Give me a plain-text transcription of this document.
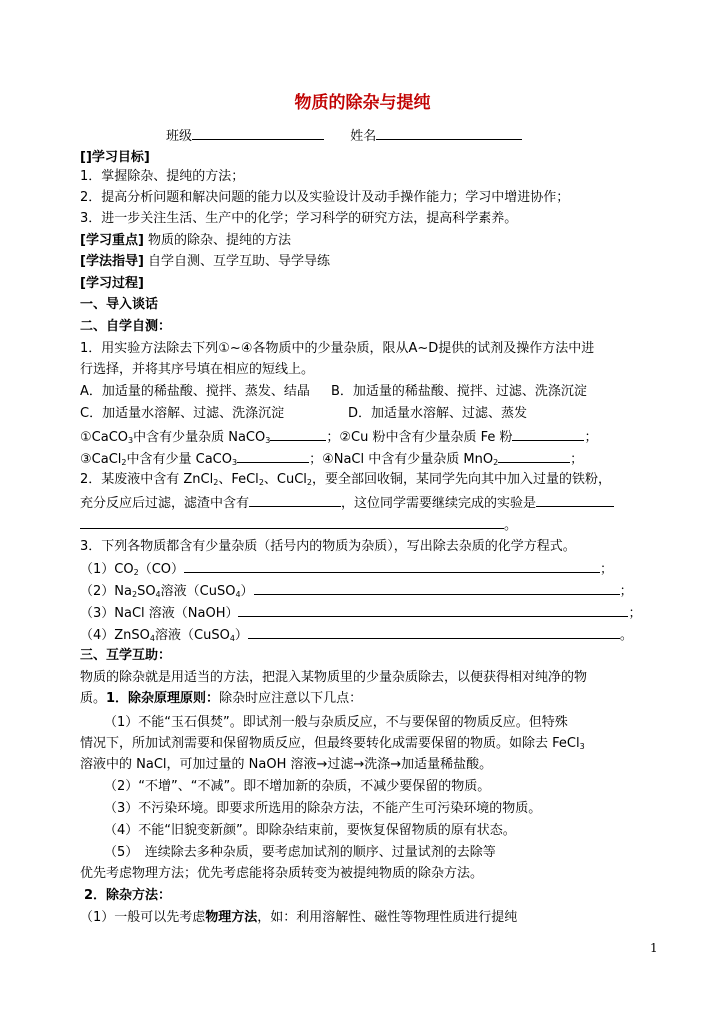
物质的除杂与提纯
班级	姓名
[]学习目标]
1．掌握除杂、提纯的方法；
2．提高分析问题和解决问题的能力以及实验设计及动手操作能力；学习中增进协作；
3．进一步关注生活、生产中的化学；学习科学的研究方法，提高科学素养。
[学习重点] 物质的除杂、提纯的方法
[学法指导] 自学自测、互学互助、导学导练
[学习过程]
一、导入谈话
二、自学自测：
1．用实验方法除去下列①~④各物质中的少量杂质，限从A~D提供的试剂及操作方法中进
行选择，并将其序号填在相应的短线上。
A．加适量的稀盐酸、搅拌、蒸发、结晶 B．加适量的稀盐酸、搅拌、过滤、洗涤沉淀
C．加适量水溶解、过滤、洗涤沉淀	D．加适量水溶解、过滤、蒸发
①CaCO$_3$中含有少量杂质 NaCO$_3$	；②Cu 粉中含有少量杂质 Fe 粉	；
③CaCl$_2$中含有少量 CaCO$_3$	；④NaCl 中含有少量杂质 MnO$_2$	；
2．某废液中含有 ZnCl$_2$、FeCl$_2$、CuCl$_2$，要全部回收铜，某同学先向其中加入过量的铁粉，
充分反应后过滤，滤渣中含有	，这位同学需要继续完成的实验是
。
3．下列各物质都含有少量杂质（括号内的物质为杂质），写出除去杂质的化学方程式。
$(1)CO_2(CO)$	；
$(2)Na_2SO_4$溶液（CuSO$_4$）	；
（3）NaCl 溶液（NaOH）	；
（4）ZnSO$_4$溶液（CuSO$_4$）	。
三、互学互助：
物质的除杂就是用适当的方法，把混入某物质里的少量杂质除去，以便获得相对纯净的物
质。1．除杂原理原则：除杂时应注意以下几点：
（1）不能“玉石俱焚”。即试剂一般与杂质反应，不与要保留的物质反应。但特殊
情况下，所加试剂需要和保留物质反应，但最终要转化成需要保留的物质。如除去 FeCl$_3$
溶液中的 NaCl，可加过量的 NaOH 溶液→过滤→洗涤→加适量稀盐酸。
（2）“不增”、“不减”。即不增加新的杂质，不减少要保留的物质。
（3）不污染环境。即要求所选用的除杂方法，不能产生可污染环境的物质。
（4）不能“旧貌变新颜”。即除杂结束前，要恢复保留物质的原有状态。
（5）　连续除去多种杂质，要考虑加试剂的顺序、过量试剂的去除等
优先考虑物理方法；优先考虑能将杂质转变为被提纯物质的除杂方法。
2．除杂方法：
（1）一般可以先考虑物理方法，如：利用溶解性、磁性等物理性质进行提纯
1
